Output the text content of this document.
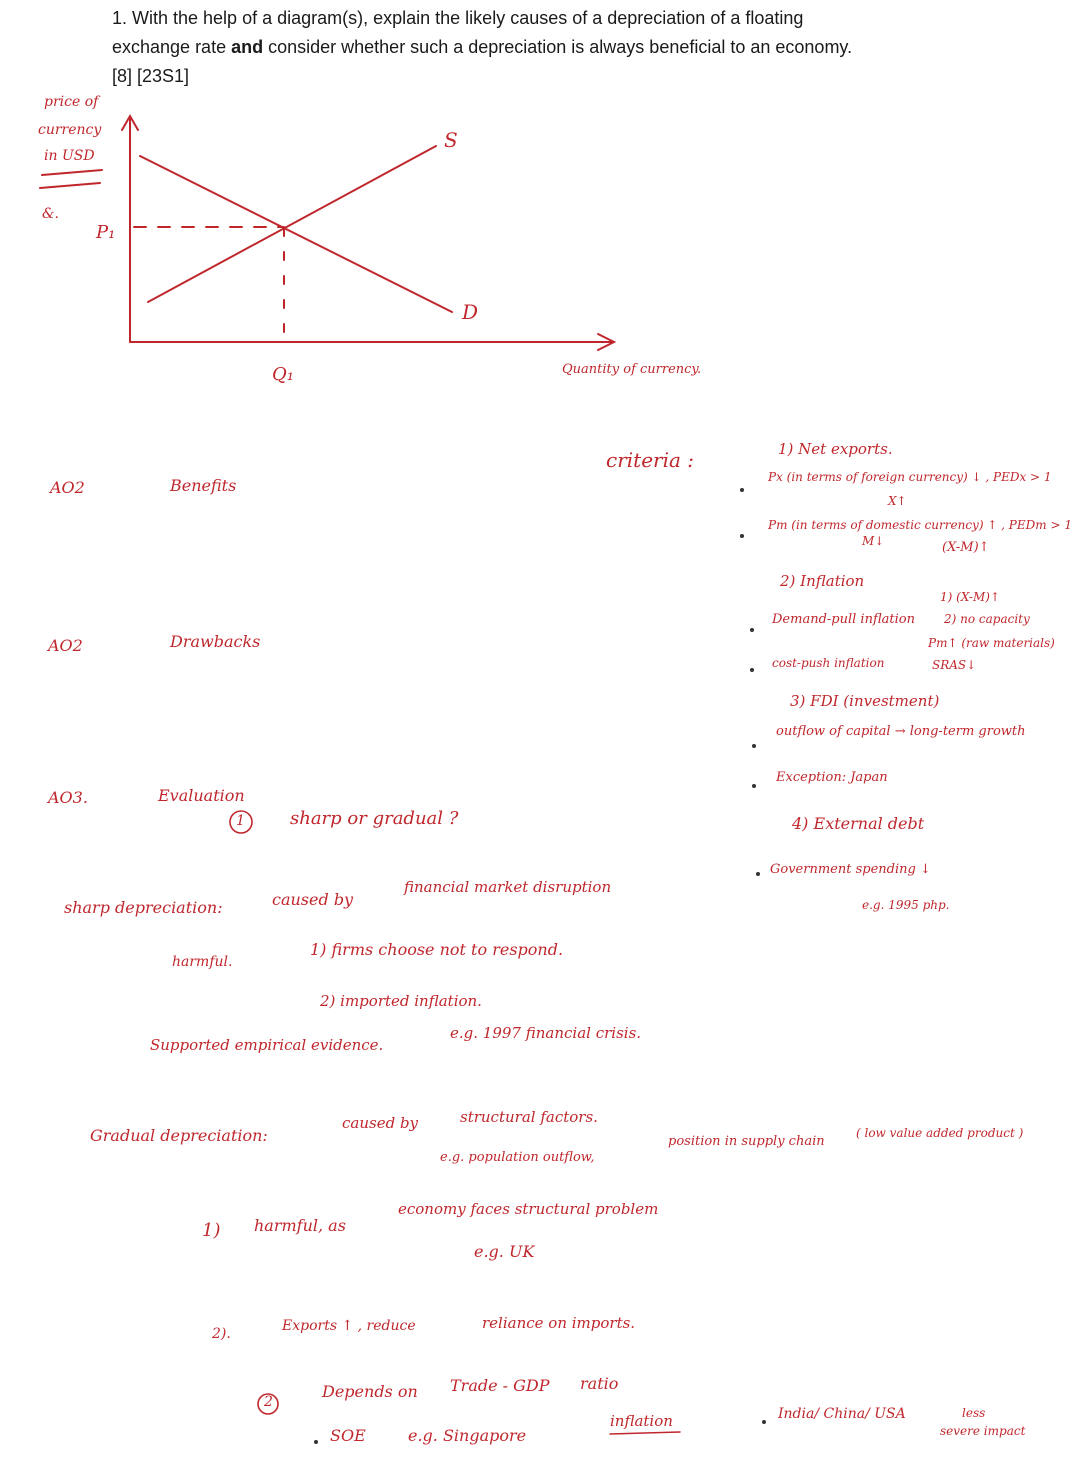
1. With the help of a diagram(s), explain the likely causes of a depreciation of a floating

exchange rate and consider whether such a depreciation is always beneficial to an economy.

[8] [23S1]

price of
currency
in USD
&.
P₁
Q₁
S
D
Quantity of currency.
AO2	Benefits
AO2	Drawbacks
AO3.	Evaluation
1	sharp or gradual ?
sharp depreciation:	caused by
financial market disruption
harmful.
1) firms choose not to respond.
2) imported inflation.
Supported empirical evidence.
e.g. 1997 financial crisis.
Gradual depreciation:
caused by	structural factors.
e.g. population outflow,
position in supply chain
( low value added product )
1) harmful, as
economy faces structural problem
e.g. UK
2).	Exports ↑ , reduce	reliance on imports.
2
Depends on Trade - GDP ratio
SOE	e.g. Singapore
inflation	India/ China/ USA	less
severe impact
criteria :	1) Net exports.
Px (in terms of foreign currency) ↓ , PEDx > 1
X↑
Pm (in terms of domestic currency) ↑ , PEDm > 1
M↓	(X-M)↑
2) Inflation
Demand-pull inflation
1) (X-M)↑
2) no capacity
cost-push inflation
Pm↑ (raw materials)
SRAS↓
3) FDI (investment)
outflow of capital → long-term growth
Exception: Japan
4) External debt
Government spending ↓
e.g. 1995 php.
